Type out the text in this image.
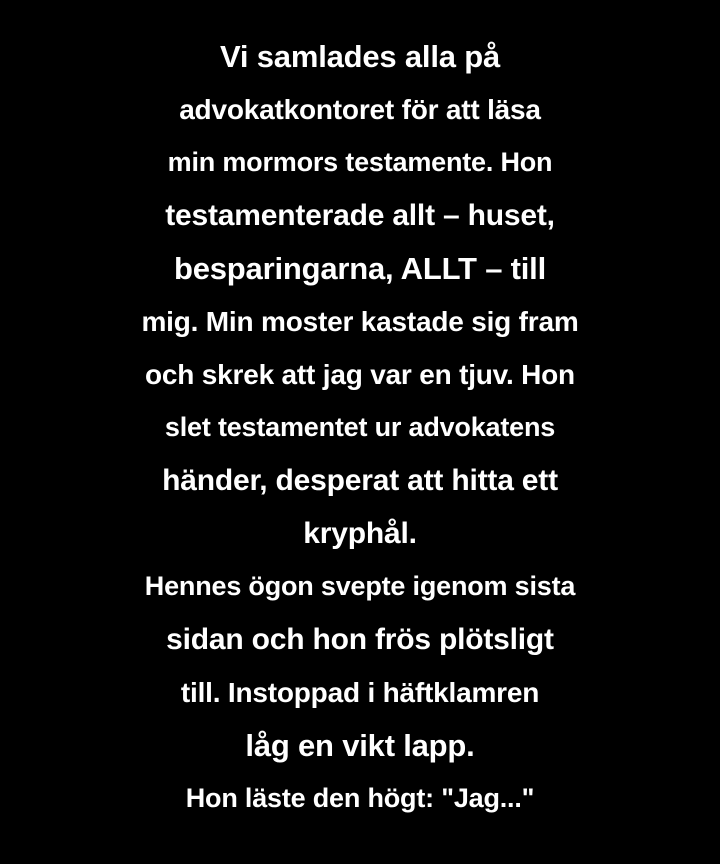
Vi samlades alla på
advokatkontoret för att läsa
min mormors testamente. Hon
testamenterade allt – huset,
besparingarna, ALLT – till
mig. Min moster kastade sig fram
och skrek att jag var en tjuv. Hon
slet testamentet ur advokatens
händer, desperat att hitta ett
kryphål.
Hennes ögon svepte igenom sista
sidan och hon frös plötsligt
till. Instoppad i häftklamren
låg en vikt lapp.
Hon läste den högt: "Jag..."
